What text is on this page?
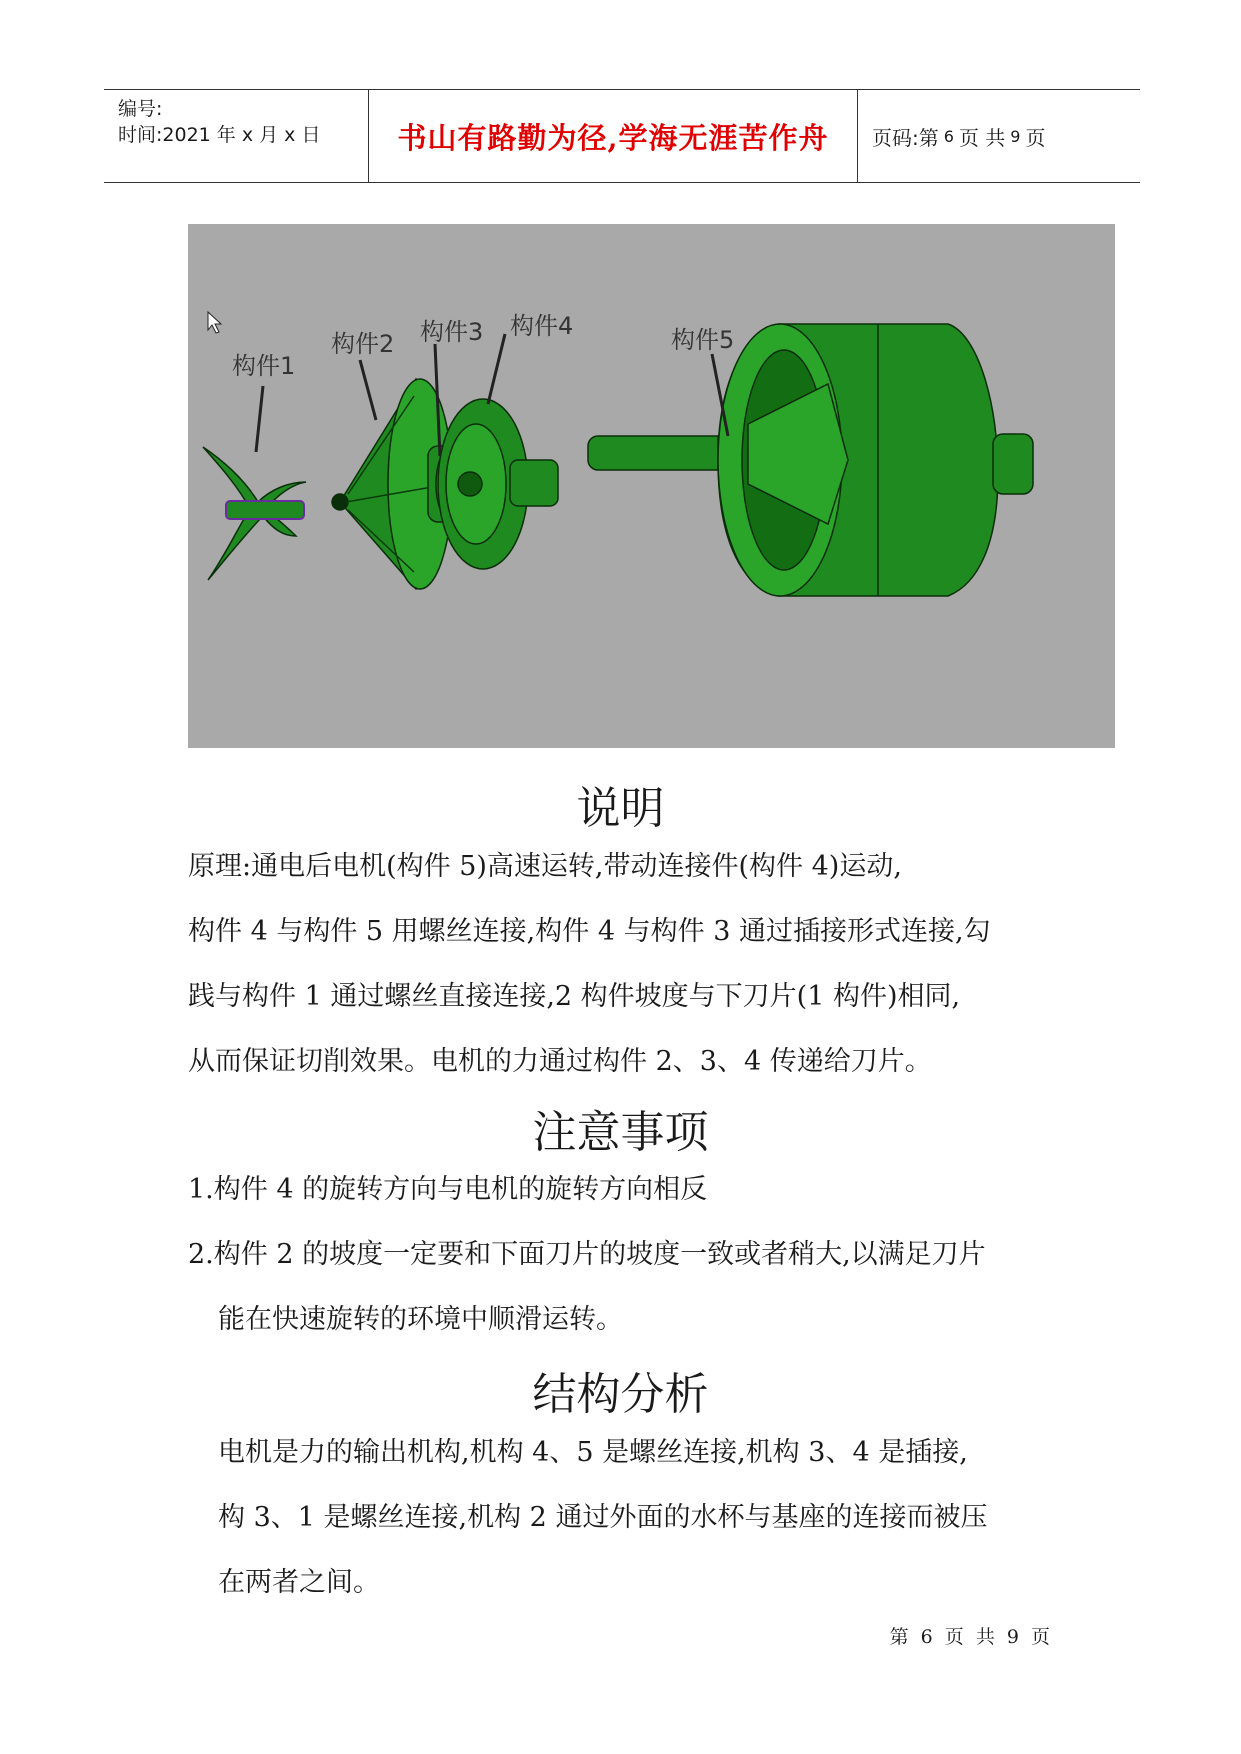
编号:
时间:2021 年 x 月 x 日	书山有路勤为径,学海无涯苦作舟 页码:第 6 页 共 9 页
构件1
构件2 构件3 构件4	构件5
说明
原理:通电后电机(构件 5)高速运转,带动连接件(构件 4)运动,
构件 4 与构件 5 用螺丝连接,构件 4 与构件 3 通过插接形式连接,勾
践与构件 1 通过螺丝直接连接,2 构件坡度与下刀片(1 构件)相同,
从而保证切削效果。电机的力通过构件 2、3、4 传递给刀片。
注意事项
1.构件 4 的旋转方向与电机的旋转方向相反
2.构件 2 的坡度一定要和下面刀片的坡度一致或者稍大,以满足刀片
能在快速旋转的环境中顺滑运转。
结构分析
电机是力的输出机构,机构 4、5 是螺丝连接,机构 3、4 是插接,
构 3、1 是螺丝连接,机构 2 通过外面的水杯与基座的连接而被压
在两者之间。
第 6 页 共 9 页
